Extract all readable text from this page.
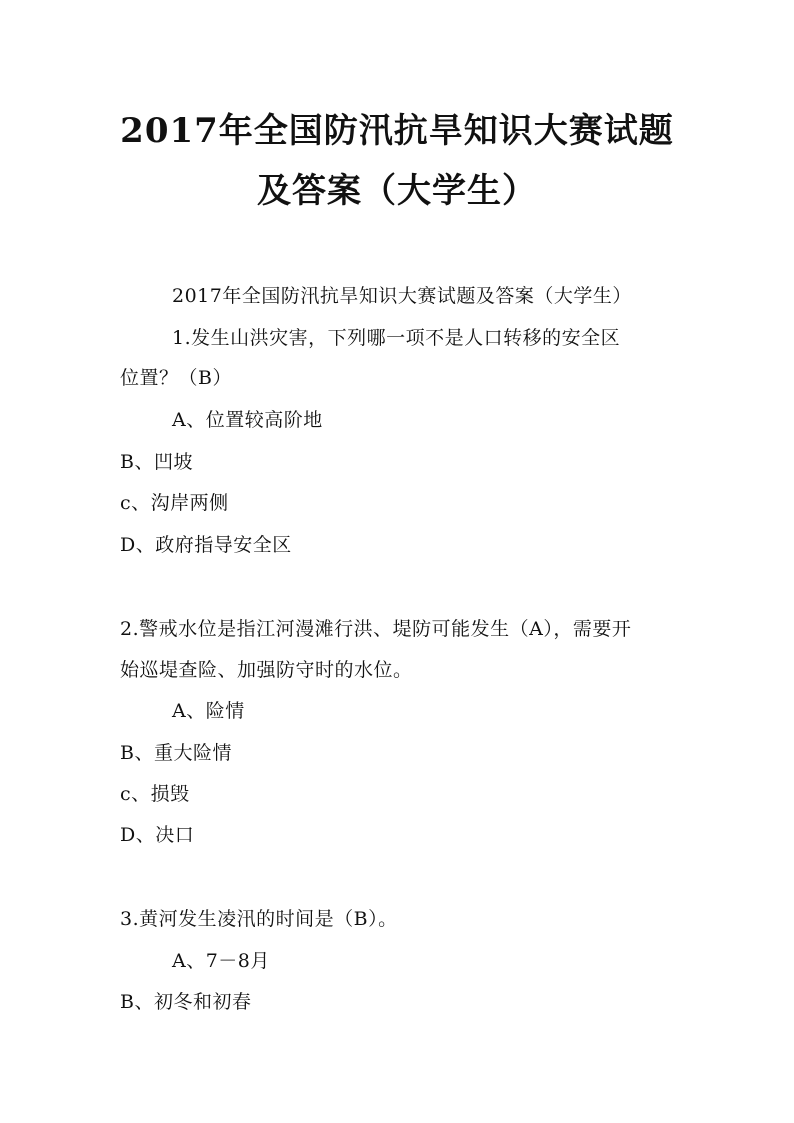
2017年全国防汛抗旱知识大赛试题
及答案（大学生）
2017年全国防汛抗旱知识大赛试题及答案（大学生）
1.发生山洪灾害，下列哪一项不是人口转移的安全区
位置？（B）
A、位置较高阶地
B、凹坡
c、沟岸两侧
D、政府指导安全区
2.警戒水位是指江河漫滩行洪、堤防可能发生（A），需要开
始巡堤查险、加强防守时的水位。
A、险情
B、重大险情
c、损毁
D、决口
3.黄河发生凌汛的时间是（B）。
A、7－8月
B、初冬和初春
